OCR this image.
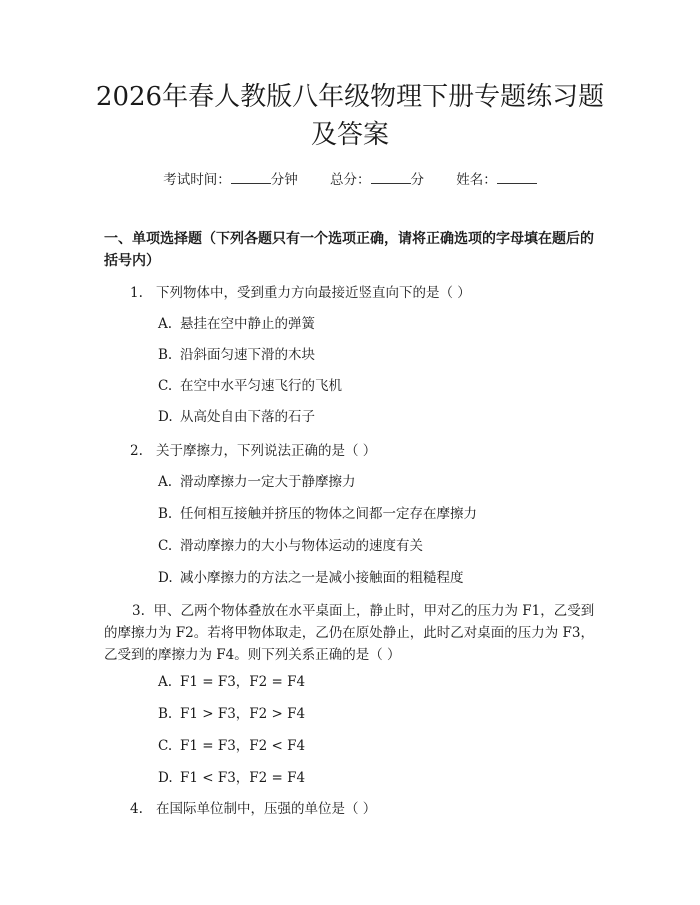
2026年春人教版八年级物理下册专题练习题
及答案
考试时间：	分钟 总分：	分 姓名：
一、单项选择题（下列各题只有一个选项正确，请将正确选项的字母填在题后的括号内）
1. 下列物体中，受到重力方向最接近竖直向下的是（ ）
A. 悬挂在空中静止的弹簧
B. 沿斜面匀速下滑的木块
C. 在空中水平匀速飞行的飞机
D. 从高处自由下落的石子
2. 关于摩擦力，下列说法正确的是（ ）
A. 滑动摩擦力一定大于静摩擦力
B. 任何相互接触并挤压的物体之间都一定存在摩擦力
C. 滑动摩擦力的大小与物体运动的速度有关
D. 减小摩擦力的方法之一是减小接触面的粗糙程度
3. 甲、乙两个物体叠放在水平桌面上，静止时，甲对乙的压力为 F1，乙受到的摩擦力为 F2。若将甲物体取走，乙仍在原处静止，此时乙对桌面的压力为 F3，乙受到的摩擦力为 F4。则下列关系正确的是（ ）
A. F1 = F3，F2 = F4
B. F1 > F3，F2 > F4
C. F1 = F3，F2 < F4
D. F1 < F3，F2 = F4
4. 在国际单位制中，压强的单位是（ ）
